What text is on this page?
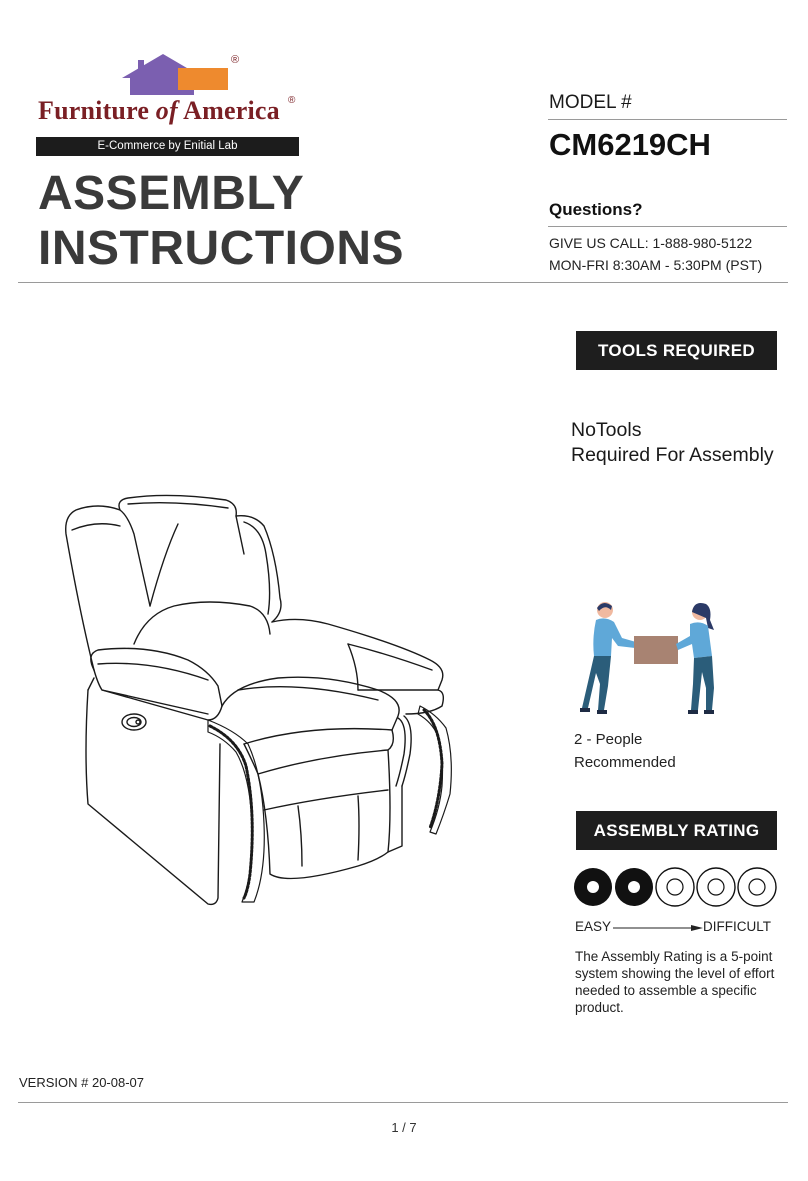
®
Furniture of America ®
E-Commerce by Enitial Lab
ASSEMBLY
INSTRUCTIONS
MODEL #
CM6219CH
Questions?
GIVE US CALL: 1-888-980-5122
MON-FRI 8:30AM - 5:30PM (PST)
TOOLS REQUIRED
NoTools
Required For Assembly
2 - People
Recommended
ASSEMBLY RATING
EASY	DIFFICULT
The Assembly Rating is a 5-point system showing the level of effort needed to assemble a specific product.
VERSION # 20-08-07
1 / 7
